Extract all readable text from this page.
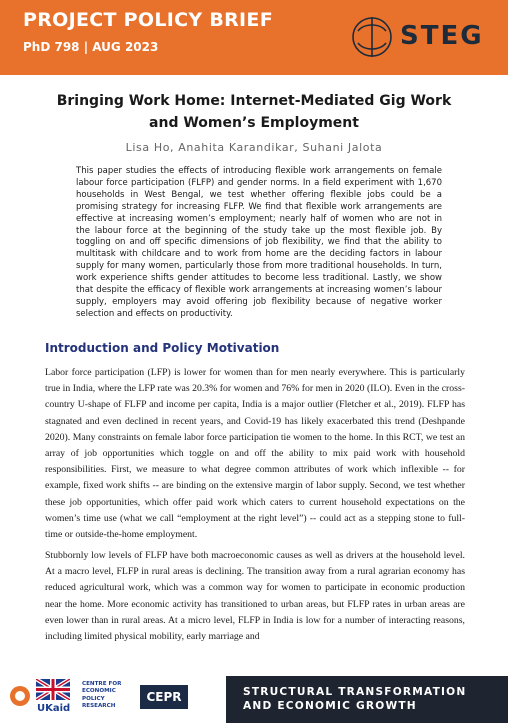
PROJECT POLICY BRIEF
PhD 798 | AUG 2023	STEG
Bringing Work Home: Internet-Mediated Gig Work and Women’s Employment
Lisa Ho, Anahita Karandikar, Suhani Jalota

This paper studies the effects of introducing flexible work arrangements on female labour force participation (FLFP) and gender norms. In a field experiment with 1,670 households in West Bengal, we test whether offering flexible jobs could be a promising strategy for increasing FLFP. We find that flexible work arrangements are effective at increasing women’s employment; nearly half of women who are not in the labour force at the beginning of the study take up the most flexible job. By toggling on and off specific dimensions of job flexibility, we find that the ability to multitask with childcare and to work from home are the deciding factors in labour supply for many women, particularly those from more traditional households. In turn, work experience shifts gender attitudes to become less traditional. Lastly, we show that despite the efficacy of flexible work arrangements at increasing women’s labour supply, employers may avoid offering job flexibility because of negative worker selection and effects on productivity.

Introduction and Policy Motivation

Labor force participation (LFP) is lower for women than for men nearly everywhere. This is particularly true in India, where the LFP rate was 20.3% for women and 76% for men in 2020 (ILO). Even in the cross-country U-shape of FLFP and income per capita, India is a major outlier (Fletcher et al., 2019). FLFP has stagnated and even declined in recent years, and Covid-19 has likely exacerbated this trend (Deshpande 2020). Many constraints on female labor force participation tie women to the home. In this RCT, we test an array of job opportunities which toggle on and off the ability to mix paid work with household responsibilities. First, we measure to what degree common attributes of work which inflexible -- for example, fixed work shifts -- are binding on the extensive margin of labor supply. Second, we test whether these job opportunities, which offer paid work which caters to current household expectations on the women’s time use (what we call “employment at the right level”) -- could act as a stepping stone to full-time or outside-the-home employment.

Stubbornly low levels of FLFP have both macroeconomic causes as well as drivers at the household level. At a macro level, FLFP in rural areas is declining. The transition away from a rural agrarian economy has reduced agricultural work, which was a common way for women to participate in economic production near the home. More economic activity has transitioned to urban areas, but FLFP rates in urban areas are even lower than in rural areas. At a micro level, FLFP in India is low for a number of interacting reasons, including limited physical mobility, early marriage and

UKaid
CENTRE FOR
ECONOMIC
POLICY
RESEARCH
CEPR	STRUCTURAL TRANSFORMATION
AND ECONOMIC GROWTH
